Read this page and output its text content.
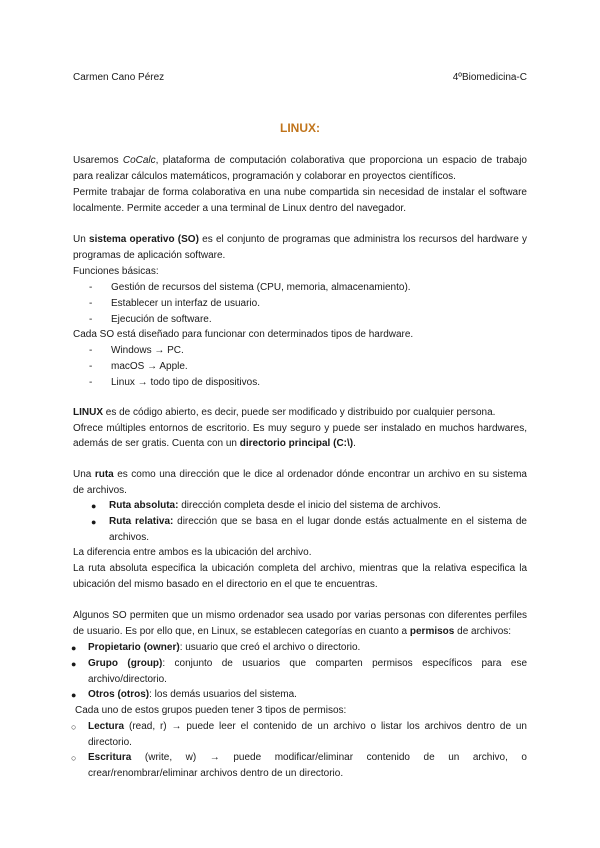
Carmen Cano Pérez	4ºBiomedicina-C
LINUX:
Usaremos CoCalc, plataforma de computación colaborativa que proporciona un espacio de trabajo
para realizar cálculos matemáticos, programación y colaborar en proyectos científicos.
Permite trabajar de forma colaborativa en una nube compartida sin necesidad de instalar el software
localmente. Permite acceder a una terminal de Linux dentro del navegador.
Un sistema operativo (SO) es el conjunto de programas que administra los recursos del hardware y
programas de aplicación software.
Funciones básicas:
- Gestión de recursos del sistema (CPU, memoria, almacenamiento).
- Establecer un interfaz de usuario.
- Ejecución de software.
Cada SO está diseñado para funcionar con determinados tipos de hardware.
- Windows → PC.
- macOS → Apple.
- Linux → todo tipo de dispositivos.
LINUX es de código abierto, es decir, puede ser modificado y distribuido por cualquier persona.
Ofrece múltiples entornos de escritorio. Es muy seguro y puede ser instalado en muchos hardwares,
además de ser gratis. Cuenta con un directorio principal (C:\).
Una ruta es como una dirección que le dice al ordenador dónde encontrar un archivo en su sistema
de archivos.
● Ruta absoluta: dirección completa desde el inicio del sistema de archivos.
● Ruta relativa: dirección que se basa en el lugar donde estás actualmente en el sistema de
archivos.
La diferencia entre ambos es la ubicación del archivo.
La ruta absoluta especifica la ubicación completa del archivo, mientras que la relativa especifica la
ubicación del mismo basado en el directorio en el que te encuentras.
Algunos SO permiten que un mismo ordenador sea usado por varias personas con diferentes perfiles
de usuario. Es por ello que, en Linux, se establecen categorías en cuanto a permisos de archivos:
● Propietario (owner): usuario que creó el archivo o directorio.
● Grupo (group): conjunto de usuarios que comparten permisos específicos para ese
archivo/directorio.
● Otros (otros): los demás usuarios del sistema.
Cada uno de estos grupos pueden tener 3 tipos de permisos:
○ Lectura (read, r) → puede leer el contenido de un archivo o listar los archivos dentro de un
directorio.
○ Escritura (write, w) → puede modificar/eliminar contenido de un archivo, o
crear/renombrar/eliminar archivos dentro de un directorio.
